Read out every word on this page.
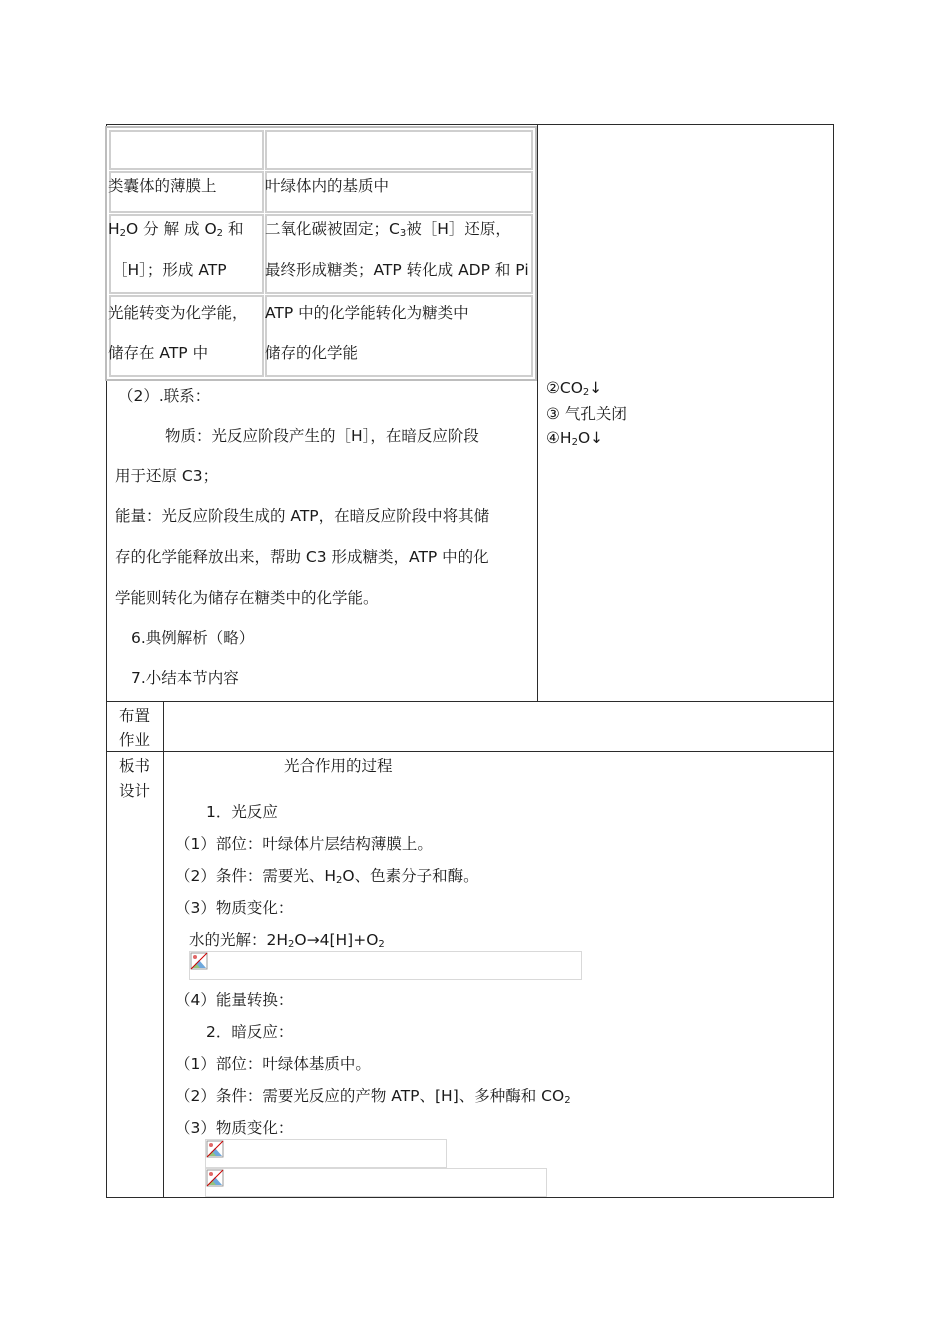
类囊体的薄膜上	叶绿体内的基质中
$H_2O$ 分 解 成 $O_2$ 和
［H］；形成 ATP
二氧化碳被固定；$C_3$被［H］还原，
最终形成糖类；ATP 转化成 ADP 和 Pi
光能转变为化学能，
储存在 ATP 中
ATP 中的化学能转化为糖类中
储存的化学能
（2）.联系：
物质：光反应阶段产生的［H］，在暗反应阶段
用于还原 C3；
能量：光反应阶段生成的 ATP，在暗反应阶段中将其储
存的化学能释放出来，帮助 C3 形成糖类，ATP 中的化
学能则转化为储存在糖类中的化学能。
6.典例解析（略）
7.小结本节内容
$②CO_2↓$
③ 气孔关闭
$④H_2O↓$
布置
作业
板书
设计
光合作用的过程
1．光反应
（1）部位：叶绿体片层结构薄膜上。
（2）条件：需要光、$H_2O$、色素分子和酶。
（3）物质变化：
水的光解：$2H_2O\to 4[H]+O_2$
（4）能量转换：
2．暗反应：
（1）部位：叶绿体基质中。
（2）条件：需要光反应的产物 ATP、[H]、多种酶和 $CO_2$
（3）物质变化：
